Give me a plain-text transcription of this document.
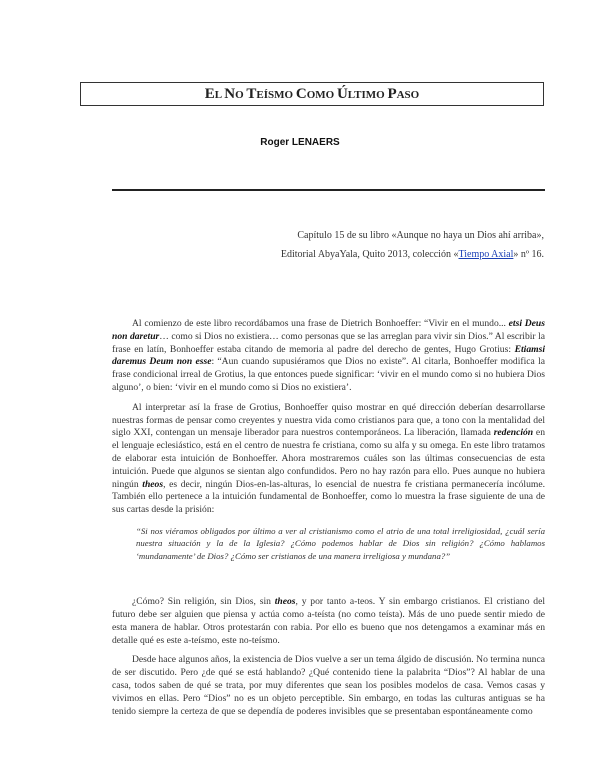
EL NO TEÍSMO COMO ÚLTIMO PASO
Roger LENAERS
Capítulo 15 de su libro «Aunque no haya un Dios ahí arriba»,
Editorial AbyaYala, Quito 2013, colección «Tiempo Axial» nº 16.

Al comienzo de este libro recordábamos una frase de Dietrich Bonhoeffer: “Vivir en el mundo... etsi Deus non daretur… como si Dios no existiera… como personas que se las arreglan para vivir sin Dios.” Al escribir la frase en latín, Bonhoeffer estaba citando de memoria al padre del derecho de gentes, Hugo Grotius: Etiamsi daremus Deum non esse: “Aun cuando supusiéramos que Dios no existe”. Al citarla, Bonhoeffer modifica la frase condicional irreal de Grotius, la que entonces puede significar: ‘vivir en el mundo como si no hubiera Dios alguno’, o bien: ‘vivir en el mundo como si Dios no existiera’.

Al interpretar así la frase de Grotius, Bonhoeffer quiso mostrar en qué dirección deberían desarrollarse nuestras formas de pensar como creyentes y nuestra vida como cristianos para que, a tono con la mentalidad del siglo XXI, contengan un mensaje liberador para nuestros contemporáneos. La liberación, llamada redención en el lenguaje eclesiástico, está en el centro de nuestra fe cristiana, como su alfa y su omega. En este libro tratamos de elaborar esta intuición de Bonhoeffer. Ahora mostraremos cuáles son las últimas consecuencias de esta intuición. Puede que algunos se sientan algo confundidos. Pero no hay razón para ello. Pues aunque no hubiera ningún theos, es decir, ningún Dios-en-las-alturas, lo esencial de nuestra fe cristiana permanecería incólume. También ello pertenece a la intuición fundamental de Bonhoeffer, como lo muestra la frase siguiente de una de sus cartas desde la prisión:

“Si nos viéramos obligados por último a ver al cristianismo como el atrio de una total irreligiosidad, ¿cuál sería nuestra situación y la de la Iglesia? ¿Cómo podemos hablar de Dios sin religión? ¿Cómo hablamos ‘mundanamente’ de Dios? ¿Cómo ser cristianos de una manera irreligiosa y mundana?”

¿Cómo? Sin religión, sin Dios, sin theos, y por tanto a-teos. Y sin embargo cristianos. El cristiano del futuro debe ser alguien que piensa y actúa como a-teísta (no como teísta). Más de uno puede sentir miedo de esta manera de hablar. Otros protestarán con rabia. Por ello es bueno que nos detengamos a examinar más en detalle qué es este a-teísmo, este no-teísmo.

Desde hace algunos años, la existencia de Dios vuelve a ser un tema álgido de discusión. No termina nunca de ser discutido. Pero ¿de qué se está hablando? ¿Qué contenido tiene la palabrita “Dios”? Al hablar de una casa, todos saben de qué se trata, por muy diferentes que sean los posibles modelos de casa. Vemos casas y vivimos en ellas. Pero “Dios” no es un objeto perceptible. Sin embargo, en todas las culturas antiguas se ha tenido siempre la certeza de que se dependía de poderes invisibles que se presentaban espontáneamente como
